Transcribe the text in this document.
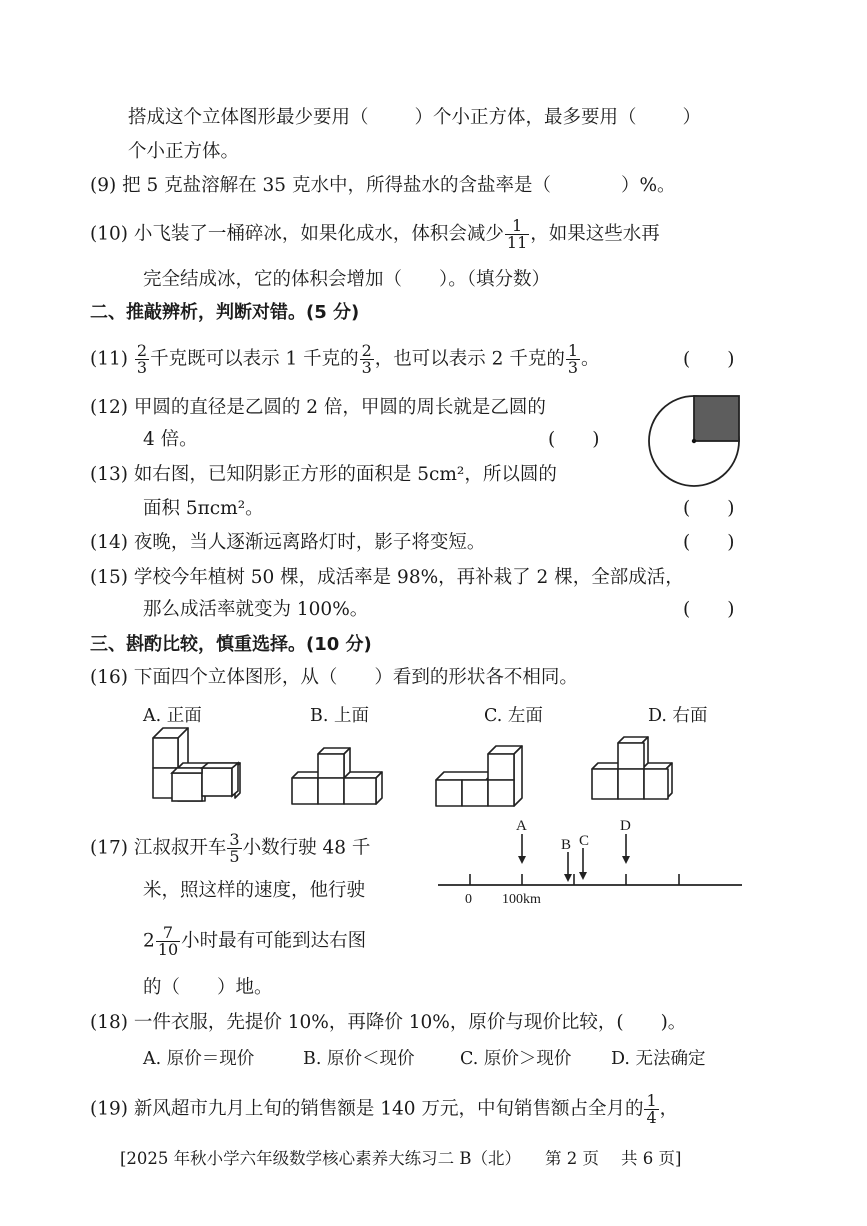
搭成这个立体图形最少要用（ ）个小正方体，最多要用（ ）
个小正方体。
(9) 把 5 克盐溶解在 35 克水中，所得盐水的含盐率是（	）%。
(10) 小飞装了一桶碎冰，如果化成水，体积会减少 $\frac{1}{11}$ ，如果这些水再
完全结成冰，它的体积会增加（　　）。（填分数）
二、推敲辨析，判断对错。(5 分)
$(11) \frac{2}{3}$ 千克既可以表示 1 千克的 $\frac{2}{3}$ ，也可以表示 2 千克的 $\frac{1}{3}$ 。	(　　)
(12) 甲圆的直径是乙圆的 2 倍，甲圆的周长就是乙圆的
4 倍。	(　　)
(13) 如右图，已知阴影正方形的面积是 5cm²，所以圆的
面积 5πcm²。	(　　)
(14) 夜晚，当人逐渐远离路灯时，影子将变短。	(　　)
(15) 学校今年植树 50 棵，成活率是 98%，再补栽了 2 棵，全部成活，
那么成活率就变为 100%。	(　　)
三、斟酌比较，慎重选择。(10 分)
(16) 下面四个立体图形，从（　　）看到的形状各不相同。
A. 正面	B. 上面	C. 左面	D. 右面
(17) 江叔叔开车 $\frac{3}{5}$ 小数行驶 48 千
米，照这样的速度，他行驶
$2 \frac{7}{10}$ 小时最有可能到达右图
的（　　）地。
A
B C
D
0 100km
(18) 一件衣服，先提价 10%，再降价 10%，原价与现价比较，(　　)。
A. 原价＝现价	B. 原价＜现价	C. 原价＞现价 D. 无法确定
(19) 新风超市九月上旬的销售额是 140 万元，中旬销售额占全月的 $\frac{1}{4}$ ，
[2025 年秋小学六年级数学核心素养大练习二 B（北） 第 2 页 共 6 页]
